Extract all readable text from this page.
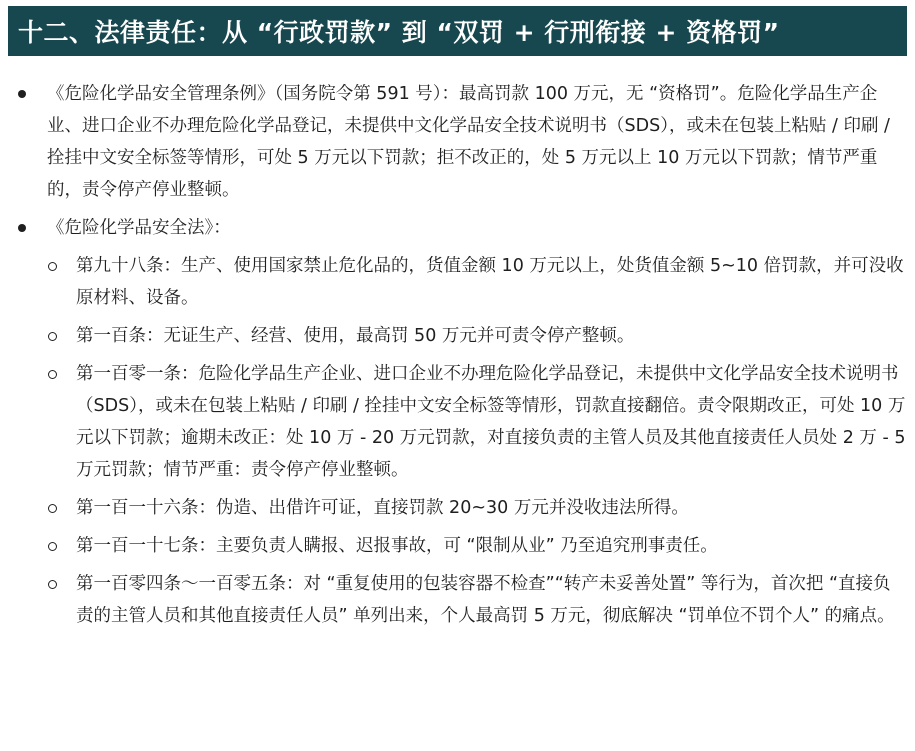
十二、法律责任：从 “行政罚款” 到 “双罚 + 行刑衔接 + 资格罚”
《危险化学品安全管理条例》（国务院令第 591 号）：最高罚款 100 万元，无 “资格罚”。危险化学品生产企业、进口企业不办理危险化学品登记，未提供中文化学品安全技术说明书（SDS），或未在包装上粘贴 / 印刷 / 拴挂中文安全标签等情形，可处 5 万元以下罚款；拒不改正的，处 5 万元以上 10 万元以下罚款；情节严重的，责令停产停业整顿。
《危险化学品安全法》：
第九十八条：生产、使用国家禁止危化品的，货值金额 10 万元以上，处货值金额 5~10 倍罚款，并可没收原材料、设备。
第一百条：无证生产、经营、使用，最高罚 50 万元并可责令停产整顿。
第一百零一条：危险化学品生产企业、进口企业不办理危险化学品登记，未提供中文化学品安全技术说明书（SDS），或未在包装上粘贴 / 印刷 / 拴挂中文安全标签等情形，罚款直接翻倍。责令限期改正，可处 10 万元以下罚款；逾期未改正：处 10 万 - 20 万元罚款，对直接负责的主管人员及其他直接责任人员处 2 万 - 5 万元罚款；情节严重：责令停产停业整顿。
第一百一十六条：伪造、出借许可证，直接罚款 20~30 万元并没收违法所得。
第一百一十七条：主要负责人瞒报、迟报事故，可 “限制从业” 乃至追究刑事责任。
第一百零四条～一百零五条：对 “重复使用的包装容器不检查”“转产未妥善处置” 等行为，首次把 “直接负责的主管人员和其他直接责任人员” 单列出来，个人最高罚 5 万元，彻底解决 “罚单位不罚个人” 的痛点。
